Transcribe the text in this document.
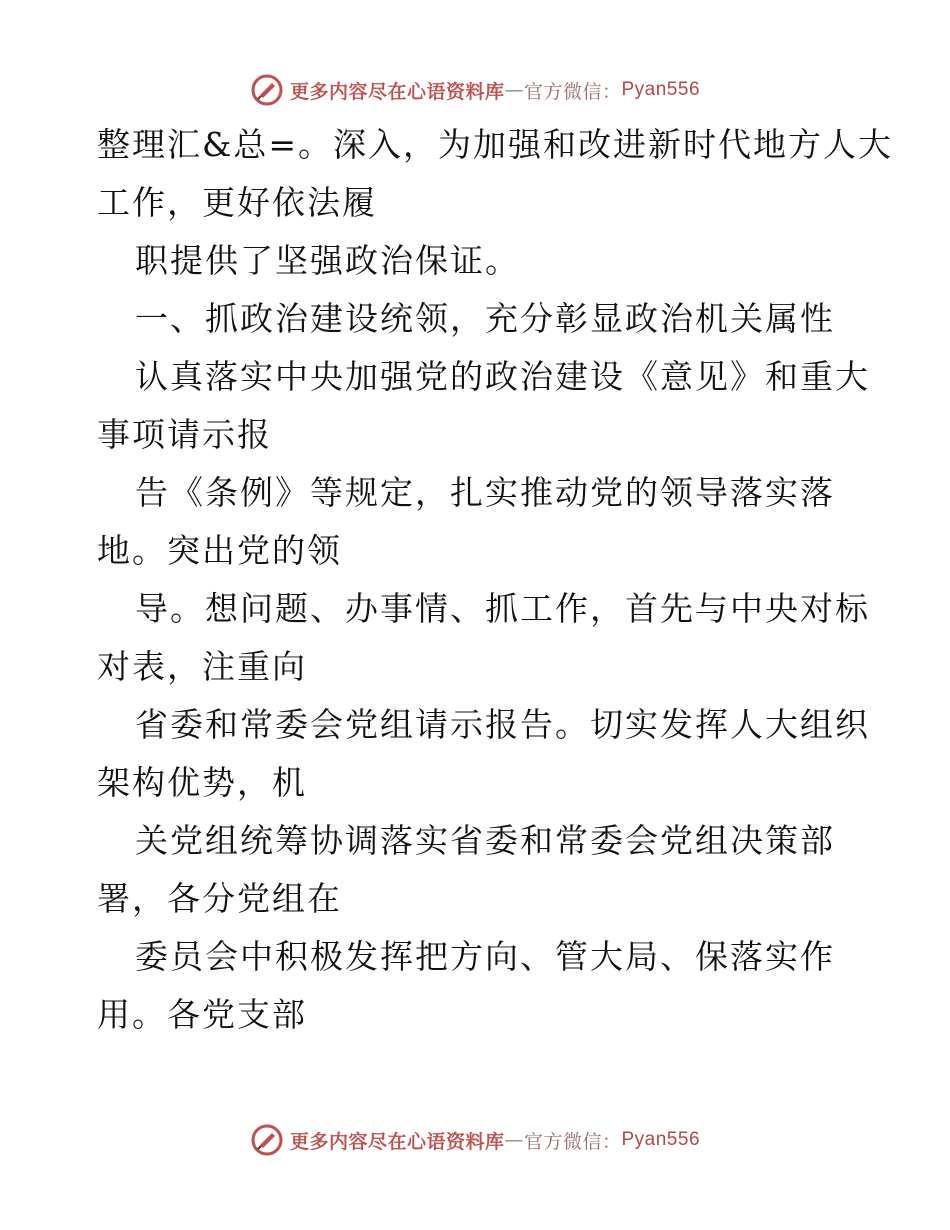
更多内容尽在心语资料库 — 官方微信： Pyan556
整理汇&总=。深入，为加强和改进新时代地方人大
工作，更好依法履
职提供了坚强政治保证。
一、抓政治建设统领，充分彰显政治机关属性
认真落实中央加强党的政治建设《意见》和重大
事项请示报
告《条例》等规定，扎实推动党的领导落实落
地。突出党的领
导。想问题、办事情、抓工作，首先与中央对标
对表，注重向
省委和常委会党组请示报告。切实发挥人大组织
架构优势，机
关党组统筹协调落实省委和常委会党组决策部
署，各分党组在
委员会中积极发挥把方向、管大局、保落实作
用。各党支部
更多内容尽在心语资料库 — 官方微信： Pyan556
